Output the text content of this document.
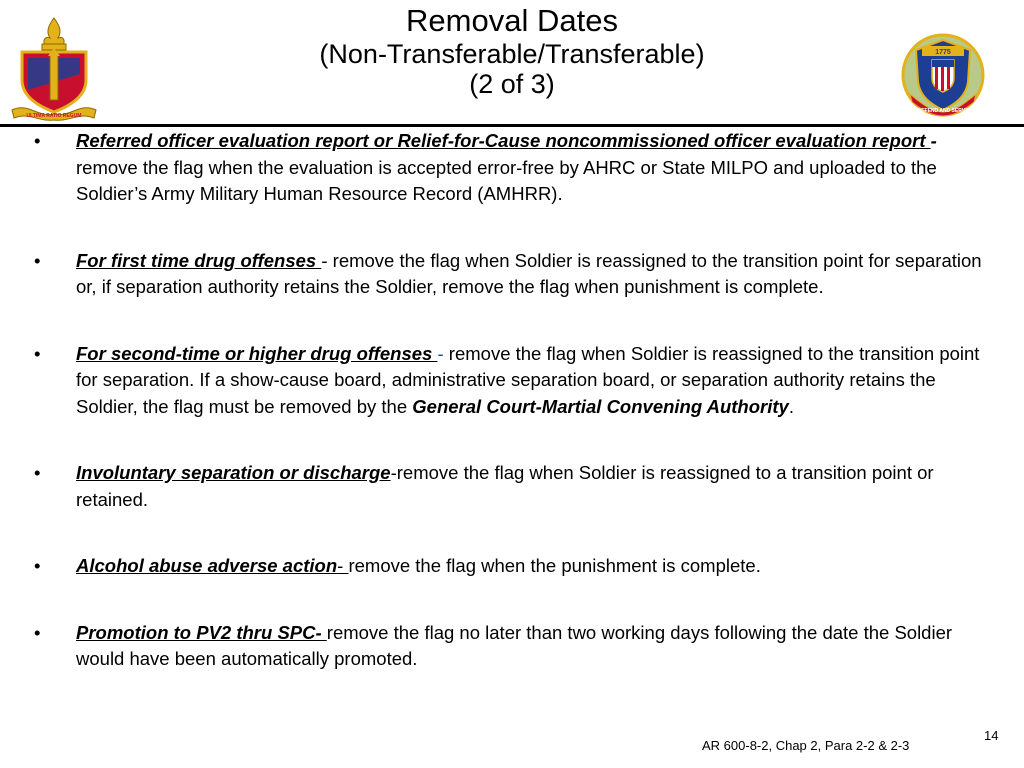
ULTIMA RATIO REGUM
1775
DEFEND AND SERVE
Removal Dates
(Non-Transferable/Transferable)
(2 of 3)
• Referred officer evaluation report or Relief-for-Cause noncommissioned officer evaluation report - remove the flag when the evaluation is accepted error-free by AHRC or State MILPO and uploaded to the Soldier’s Army Military Human Resource Record (AMHRR).
• For first time drug offenses - remove the flag when Soldier is reassigned to the transition point for separation or, if separation authority retains the Soldier, remove the flag when punishment is complete.
• For second-time or higher drug offenses - remove the flag when Soldier is reassigned to the transition point for separation. If a show-cause board, administrative separation board, or separation authority retains the Soldier, the flag must be removed by the General Court-Martial Convening Authority.
• Involuntary separation or discharge-remove the flag when Soldier is reassigned to a transition point or retained.
• Alcohol abuse adverse action- remove the flag when the punishment is complete.
• Promotion to PV2 thru SPC- remove the flag no later than two working days following the date the Soldier would have been automatically promoted.
AR 600-8-2, Chap 2, Para 2-2 & 2-3
14
